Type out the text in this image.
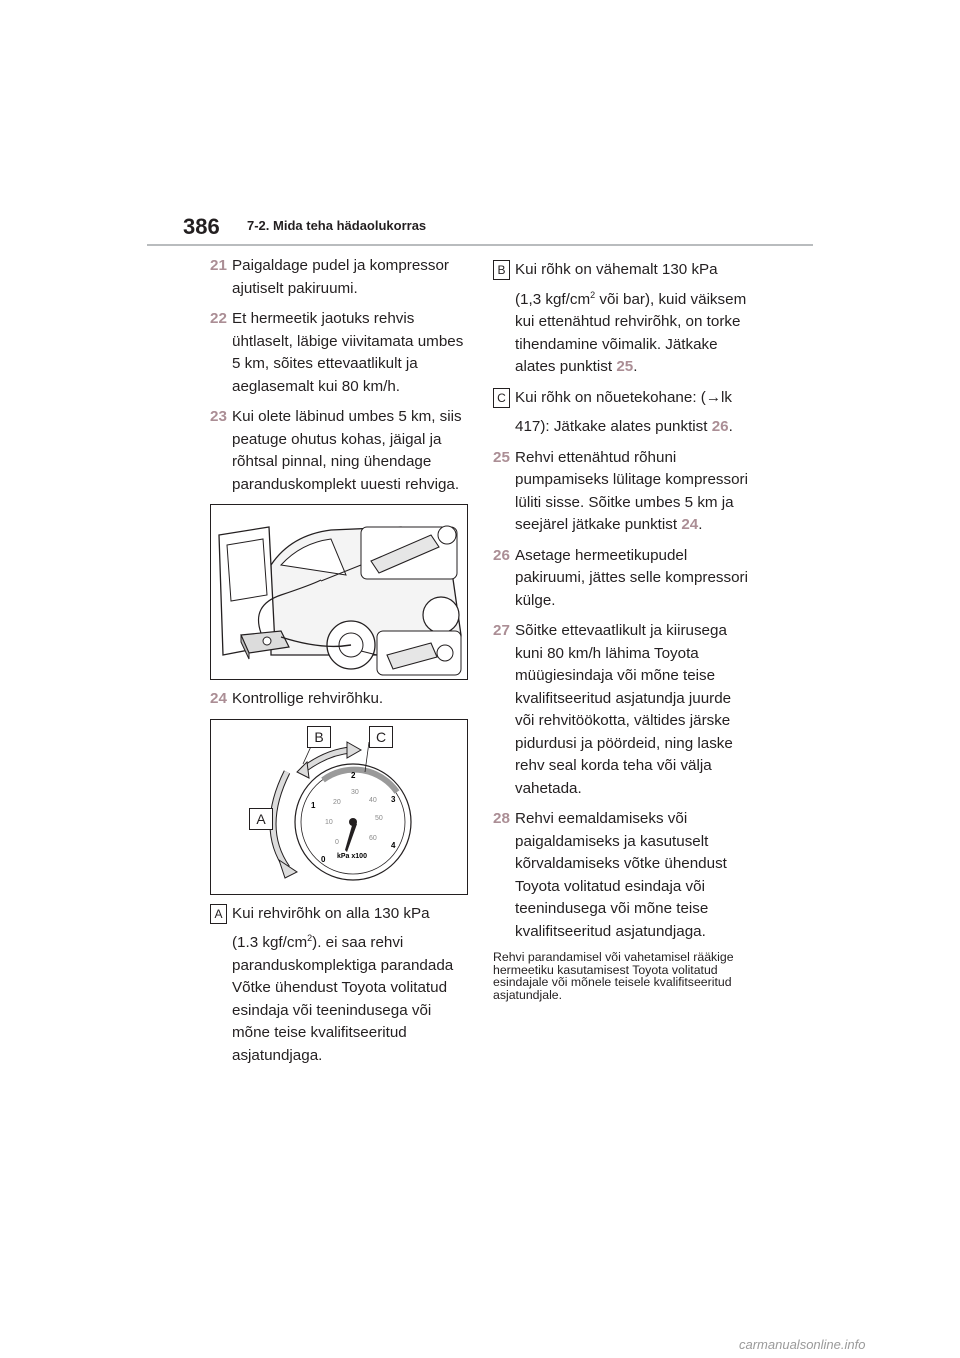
386 7-2. Mida teha hädaolukorras
21 Paigaldage pudel ja kompressor ajutiselt pakiruumi.
22 Et hermeetik jaotuks rehvis ühtlaselt, läbige viivitamata umbes 5 km, sõites ettevaatlikult ja aeglasemalt kui 80 km/h.
23 Kui olete läbinud umbes 5 km, siis peatuge ohutus kohas, jäigal ja rõhtsal pinnal, ning ühendage paranduskomplekt uuesti rehviga.
24 Kontrollige rehvirõhku.
0
1
2
3
4
0
10
20
30
40
50
60
kPa x100
A
B	C
A Kui rehvirõhk on alla 130 kPa
(1.3 kgf/$cm^2$). ei saa rehvi paranduskomplektiga parandada Võtke ühendust Toyota volitatud esindaja või teenindusega või mõne teise kvalifitseeritud asjatundjaga.
B Kui rõhk on vähemalt 130 kPa
(1,3 kgf/$cm^2$ või bar), kuid väiksem kui ettenähtud rehvirõhk, on torke tihendamine võimalik. Jätkake alates punktist 25.
C Kui rõhk on nõuetekohane: (→lk
417): Jätkake alates punktist 26.
25 Rehvi ettenähtud rõhuni pumpamiseks lülitage kompressori lüliti sisse. Sõitke umbes 5 km ja seejärel jätkake punktist 24.
26 Asetage hermeetikupudel pakiruumi, jättes selle kompressori külge.
27 Sõitke ettevaatlikult ja kiirusega kuni 80 km/h lähima Toyota müügiesindaja või mõne teise kvalifitseeritud asjatundja juurde või rehvitöökotta, vältides järske pidurdusi ja pöördeid, ning laske rehv seal korda teha või välja vahetada.
28 Rehvi eemaldamiseks või paigaldamiseks ja kasutuselt kõrvaldamiseks võtke ühendust Toyota volitatud esindaja või teenindusega või mõne teise kvalifitseeritud asjatundjaga.
Rehvi parandamisel või vahetamisel rääkige hermeetiku kasutamisest Toyota volitatud esindajale või mõnele teisele kvalifitseeritud asjatundjale.
carmanualsonline.info
